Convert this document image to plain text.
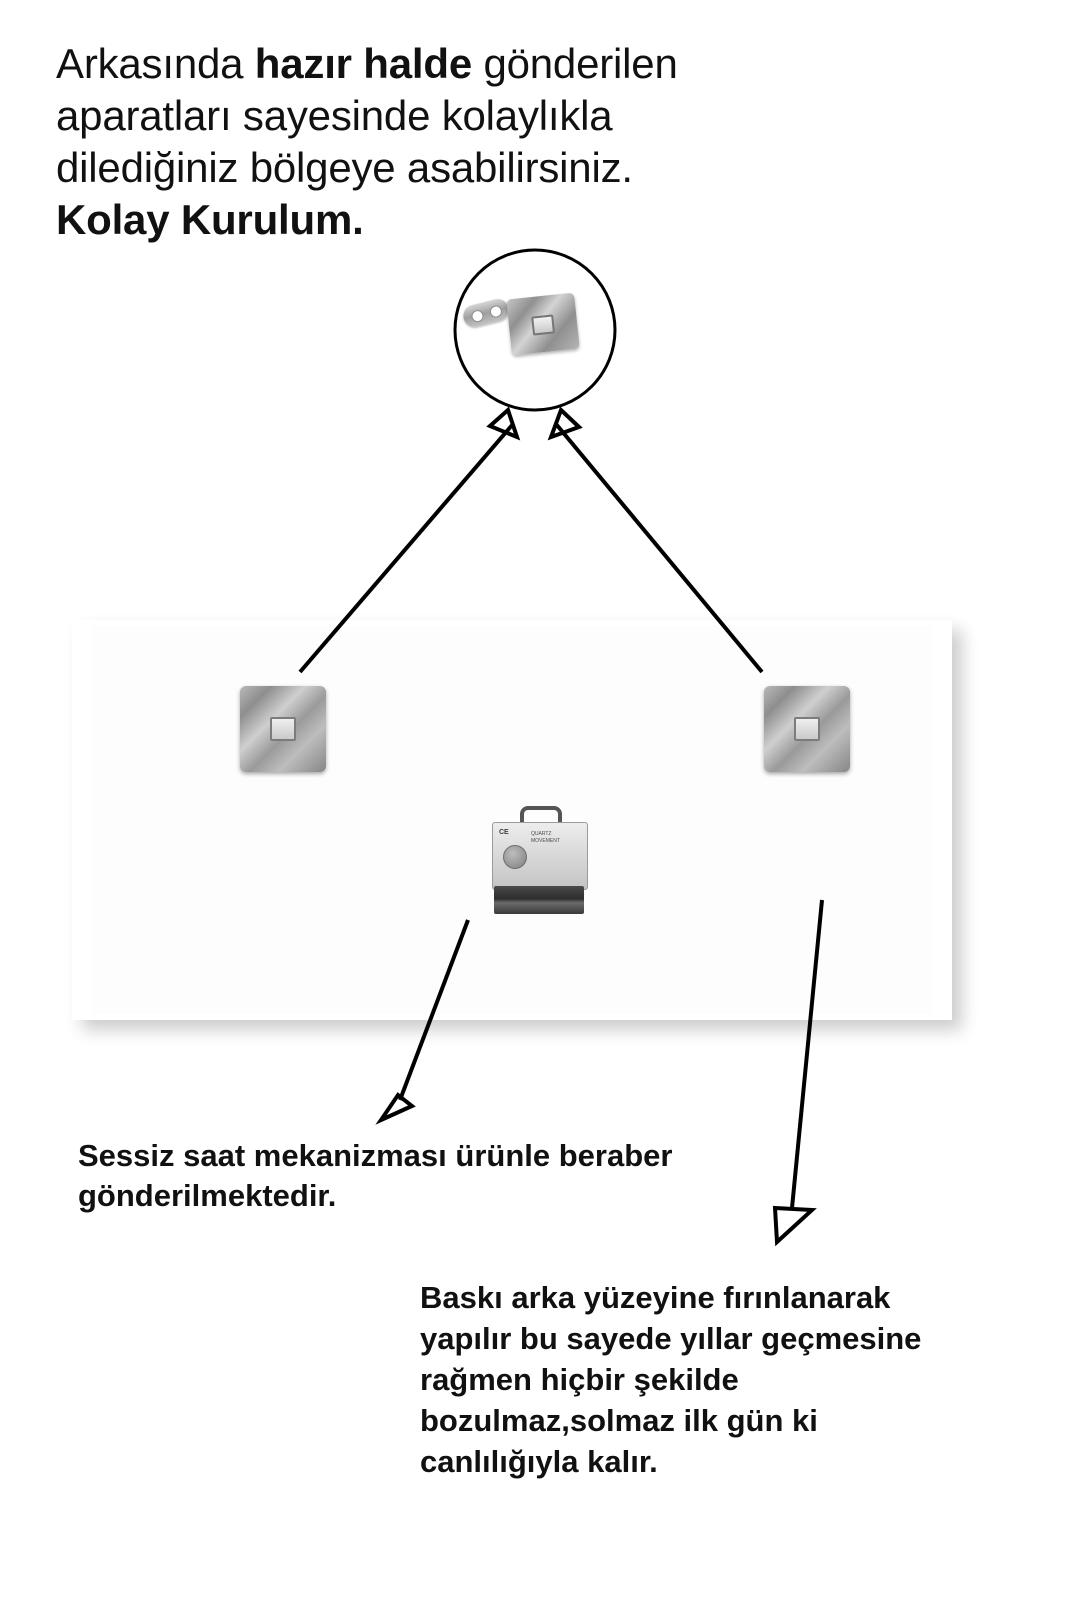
Arkasında hazır halde gönderilen
aparatları sayesinde kolaylıkla
dilediğiniz bölgeye asabilirsiniz.
Kolay Kurulum.
CE	QUARTZ MOVEMENT
Sessiz saat mekanizması ürünle beraber gönderilmektedir.
Baskı arka yüzeyine fırınlanarak yapılır bu sayede yıllar geçmesine rağmen hiçbir şekilde bozulmaz,solmaz ilk gün ki canlılığıyla kalır.
